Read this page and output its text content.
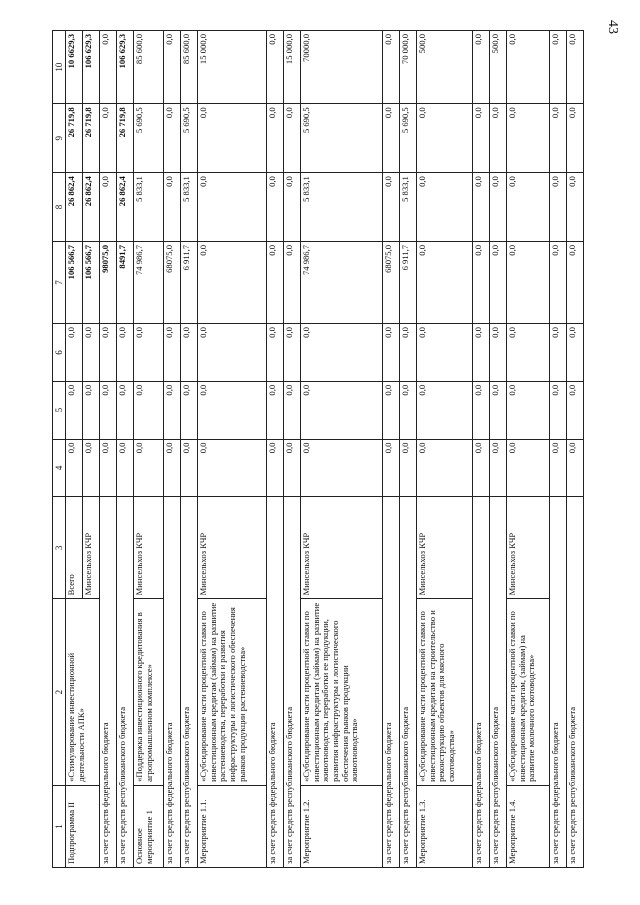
43
1	2	3	4	5	6	7	8	9	10
Подпрограмма II	«Стимулирование инвестиционной деятельности АПК»	Всего	0,0	0,0	0,0	106 566,7	26 862,4	26 719,8	10 6629,3
		Минсельхоз КЧР	0,0	0,0	0,0	106 566,7	26 862,4	26 719,8	106 629,3
за счет средств федерального бюджета			0,0	0,0	0,0	98075,0	0,0	0,0	0,0
за счет средств республиканского бюджета			0,0	0,0	0,0	8491,7	26 862,4	26 719,8	106 629,3
Основное мероприятие 1	«Поддержка инвестиционного кредитования в агропромышленном комплексе»	Минсельхоз КЧР	0,0	0,0	0,0	74 986,7	5 833,1	5 690,5	85 600,0
за счет средств федерального бюджета			0,0	0,0	0,0	68075,0	0,0	0,0	0,0
за счет средств республиканского бюджета			0,0	0,0	0,0	6 911,7	5 833,1	5 690,5	85 600,0
Мероприятие 1.1.	«Субсидирование части процентной ставки по инвестиционным кредитам (займам) на развитие растениеводства, переработки и развития инфраструктуры и логистического обеспечения рынков продукции растениеводства»	Минсельхоз КЧР	0,0	0,0	0,0	0,0	0,0	0,0	15 000,0
за счет средств федерального бюджета			0,0	0,0	0,0	0,0	0,0	0,0	0,0
за счет средств республиканского бюджета			0,0	0,0	0,0	0,0	0,0	0,0	15 000,0
Мероприятие 1.2.	«Субсидирование части процентной ставки по инвестиционным кредитам (займам) на развитие животноводства, переработки ее продукции, развития инфраструктуры и логистического обеспечения рынков продукции животноводства»	Минсельхоз КЧР	0,0	0,0	0,0	74 986,7	5 833,1	5 690,5	70000,0
за счет средств федерального бюджета			0,0	0,0	0,0	68075,0	0,0	0,0	0,0
за счет средств республиканского бюджета			0,0	0,0	0,0	6 911,7	5 833,1	5 690,5	70 000,0
Мероприятие 1.3.	«Субсидирование части процентной ставки по инвестиционным кредитам на строительство и реконструкцию объектов для мясного скотоводства»	Минсельхоз КЧР	0,0	0,0	0,0	0,0	0,0	0,0	500,0
за счет средств федерального бюджета			0,0	0,0	0,0	0,0	0,0	0,0	0,0
за счет средств республиканского бюджета			0,0	0,0	0,0	0,0	0,0	0,0	500,0
Мероприятие 1.4.	«Субсидирование части процентной ставки по инвестиционным кредитам, (займам) на развитие молочного скотоводства»	Минсельхоз КЧР	0,0	0,0	0,0	0,0	0,0	0,0	0,0
за счет средств федерального бюджета			0,0	0,0	0,0	0,0	0,0	0,0	0,0
за счет средств республиканского бюджета			0,0	0,0	0,0	0,0	0,0	0,0	0,0
